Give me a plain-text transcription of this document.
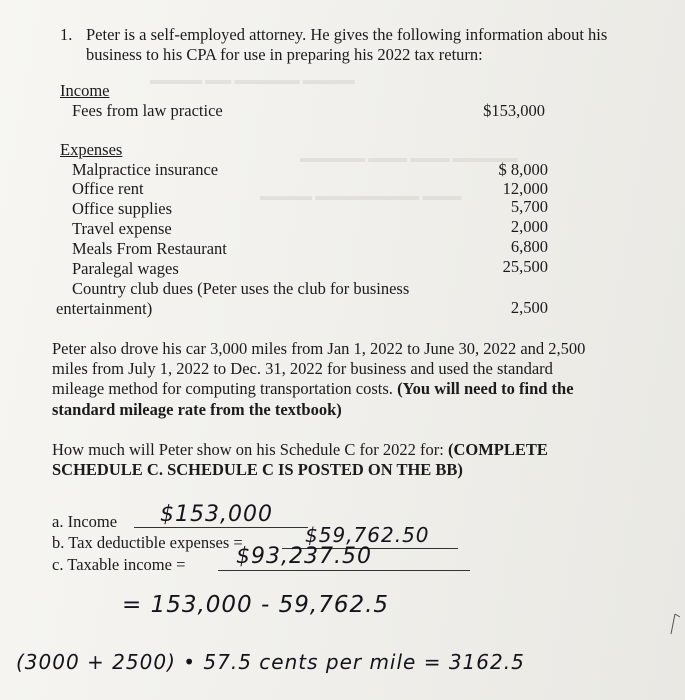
▬▬▬▬ ▬▬ ▬▬▬▬▬ ▬▬▬▬
▬▬▬▬▬ ▬▬▬ ▬▬▬ ▬▬▬▬▬
▬▬▬▬ ▬▬▬▬▬▬▬▬ ▬▬▬
1. Peter is a self-employed attorney. He gives the following information about his
business to his CPA for use in preparing his 2022 tax return:
Income
Fees from law practice	$153,000
Expenses
Malpractice insurance	$ 8,000
Office rent	12,000
Office supplies	5,700
Travel expense	2,000
Meals From Restaurant	6,800
Paralegal wages	25,500
Country club dues (Peter uses the club for business
entertainment)	2,500
Peter also drove his car 3,000 miles from Jan 1, 2022 to June 30, 2022 and 2,500
miles from July 1, 2022 to Dec. 31, 2022 for business and used the standard
mileage method for computing transportation costs. (You will need to find the
standard mileage rate from the textbook)
How much will Peter show on his Schedule C for 2022 for: (COMPLETE
SCHEDULE C. SCHEDULE C IS POSTED ON THE BB)
a. Income $153,000
b. Tax deductible expenses =	$59,762.50
c. Taxable income = $93,237.50
= 153,000 - 59,762.5
(3000 + 2500) • 57.5 cents per mile = 3162.5
